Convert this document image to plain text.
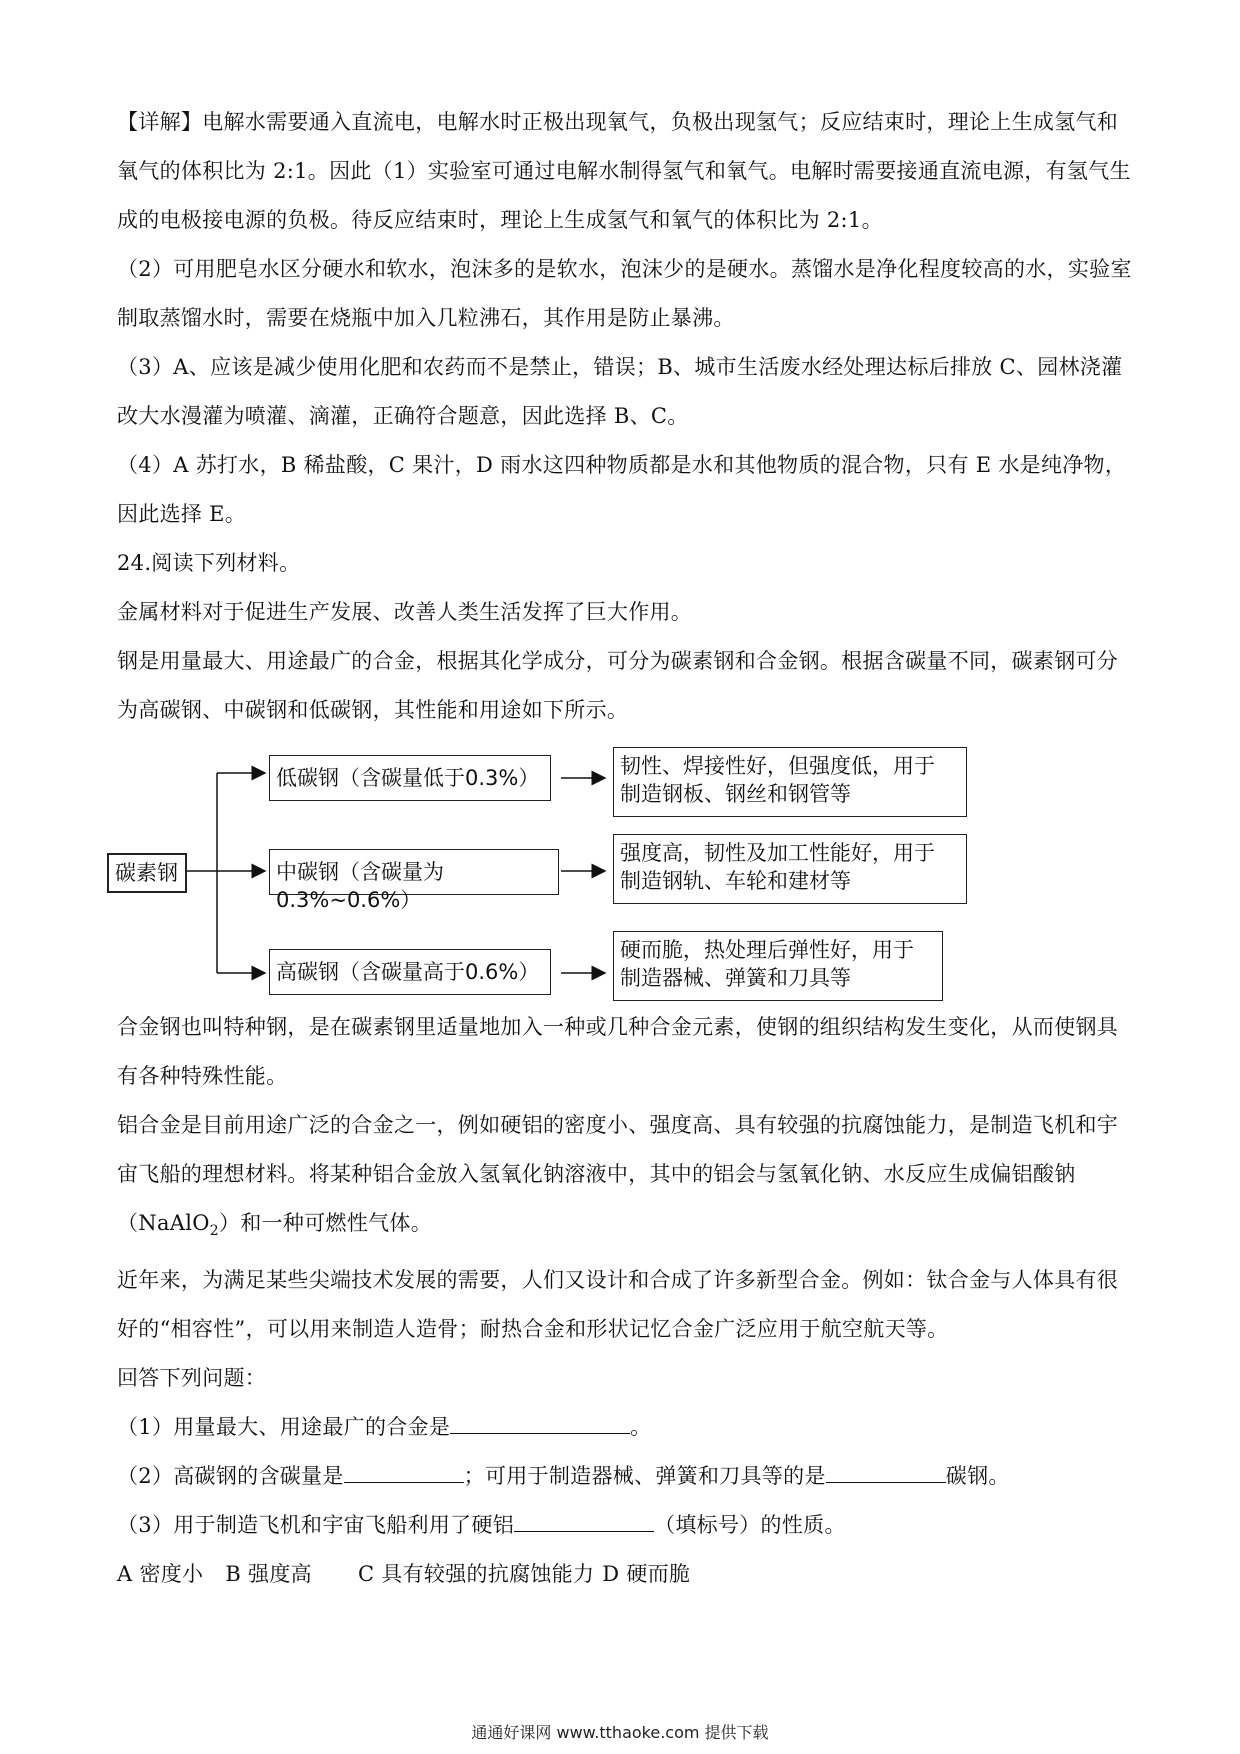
【详解】电解水需要通入直流电，电解水时正极出现氧气，负极出现氢气；反应结束时，理论上生成氢气和氧气的体积比为 2:1。因此（1）实验室可通过电解水制得氢气和氧气。电解时需要接通直流电源，有氢气生成的电极接电源的负极。待反应结束时，理论上生成氢气和氧气的体积比为 2:1。

（2）可用肥皂水区分硬水和软水，泡沫多的是软水，泡沫少的是硬水。蒸馏水是净化程度较高的水，实验室制取蒸馏水时，需要在烧瓶中加入几粒沸石，其作用是防止暴沸。

（3）A、应该是减少使用化肥和农药而不是禁止，错误；B、城市生活废水经处理达标后排放 C、园林浇灌改大水漫灌为喷灌、滴灌，正确符合题意，因此选择 B、C。

（4）A 苏打水，B 稀盐酸，C 果汁，D 雨水这四种物质都是水和其他物质的混合物，只有 E 水是纯净物，因此选择 E。

24.阅读下列材料。

金属材料对于促进生产发展、改善人类生活发挥了巨大作用。

钢是用量最大、用途最广的合金，根据其化学成分，可分为碳素钢和合金钢。根据含碳量不同，碳素钢可分为高碳钢、中碳钢和低碳钢，其性能和用途如下所示。

碳素钢
低碳钢（含碳量低于0.3%）
中碳钢（含碳量为0.3%~0.6%）
高碳钢（含碳量高于0.6%）
韧性、焊接性好，但强度低，用于
制造钢板、钢丝和钢管等
强度高，韧性及加工性能好，用于
制造钢轨、车轮和建材等
硬而脆，热处理后弹性好，用于
制造器械、弹簧和刀具等

合金钢也叫特种钢，是在碳素钢里适量地加入一种或几种合金元素，使钢的组织结构发生变化，从而使钢具有各种特殊性能。

铝合金是目前用途广泛的合金之一，例如硬铝的密度小、强度高、具有较强的抗腐蚀能力，是制造飞机和宇宙飞船的理想材料。将某种铝合金放入氢氧化钠溶液中，其中的铝会与氢氧化钠、水反应生成偏铝酸钠
（NaAlO$_2$）和一种可燃性气体。

近年来，为满足某些尖端技术发展的需要，人们又设计和合成了许多新型合金。例如：钛合金与人体具有很好的“相容性”，可以用来制造人造骨；耐热合金和形状记忆合金广泛应用于航空航天等。

回答下列问题：

（1）用量最大、用途最广的合金是	。

（2）高碳钢的含碳量是	；可用于制造器械、弹簧和刀具等的是	碳钢。

（3）用于制造飞机和宇宙飞船利用了硬铝	（填标号）的性质。

A 密度小 B 强度高 C 具有较强的抗腐蚀能力 D 硬而脆

通通好课网 www.tthaoke.com 提供下载
